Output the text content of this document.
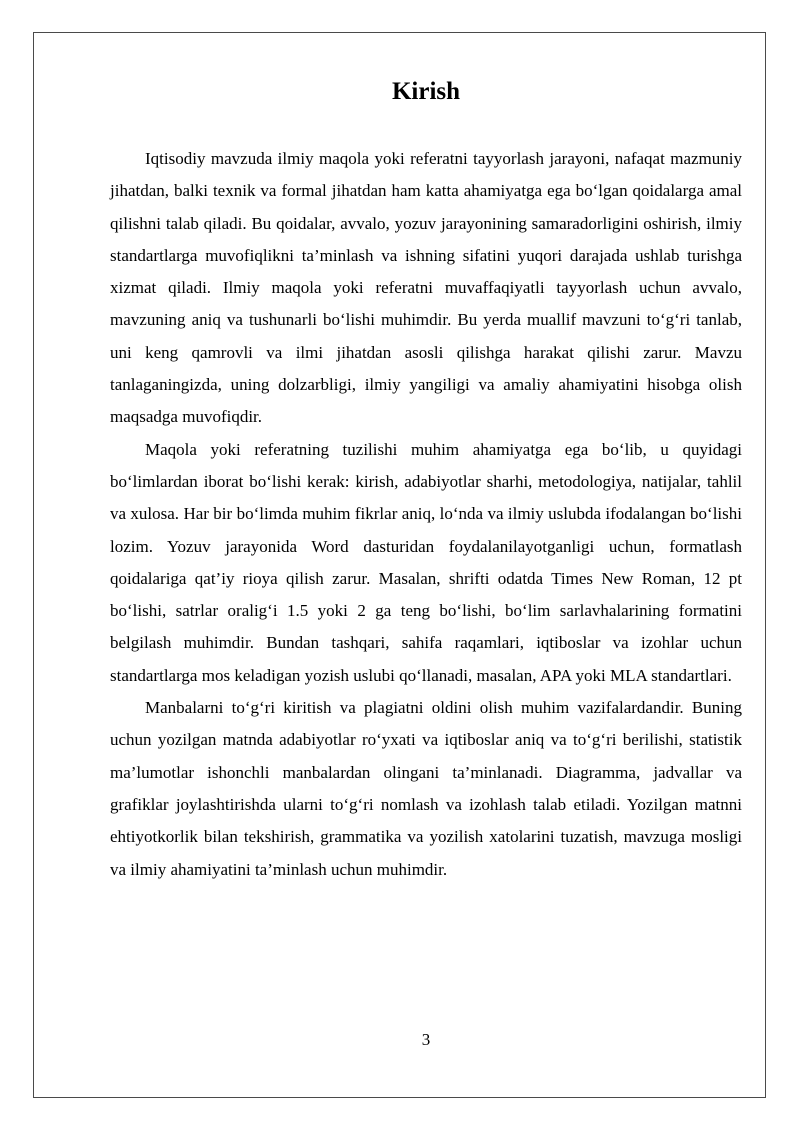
Kirish

Iqtisodiy mavzuda ilmiy maqola yoki referatni tayyorlash jarayoni, nafaqat mazmuniy jihatdan, balki texnik va formal jihatdan ham katta ahamiyatga ega bo‘lgan qoidalarga amal qilishni talab qiladi. Bu qoidalar, avvalo, yozuv jarayonining samaradorligini oshirish, ilmiy standartlarga muvofiqlikni ta’minlash va ishning sifatini yuqori darajada ushlab turishga xizmat qiladi. Ilmiy maqola yoki referatni muvaffaqiyatli tayyorlash uchun avvalo, mavzuning aniq va tushunarli bo‘lishi muhimdir. Bu yerda muallif mavzuni to‘g‘ri tanlab, uni keng qamrovli va ilmi jihatdan asosli qilishga harakat qilishi zarur. Mavzu tanlaganingizda, uning dolzarbligi, ilmiy yangiligi va amaliy ahamiyatini hisobga olish maqsadga muvofiqdir.

Maqola yoki referatning tuzilishi muhim ahamiyatga ega bo‘lib, u quyidagi bo‘limlardan iborat bo‘lishi kerak: kirish, adabiyotlar sharhi, metodologiya, natijalar, tahlil va xulosa. Har bir bo‘limda muhim fikrlar aniq, lo‘nda va ilmiy uslubda ifodalangan bo‘lishi lozim. Yozuv jarayonida Word dasturidan foydalanilayotganligi uchun, formatlash qoidalariga qat’iy rioya qilish zarur. Masalan, shrifti odatda Times New Roman, 12 pt bo‘lishi, satrlar oralig‘i 1.5 yoki 2 ga teng bo‘lishi, bo‘lim sarlavhalarining formatini belgilash muhimdir. Bundan tashqari, sahifa raqamlari, iqtiboslar va izohlar uchun standartlarga mos keladigan yozish uslubi qo‘llanadi, masalan, APA yoki MLA standartlari.

Manbalarni to‘g‘ri kiritish va plagiatni oldini olish muhim vazifalardandir. Buning uchun yozilgan matnda adabiyotlar ro‘yxati va iqtiboslar aniq va to‘g‘ri berilishi, statistik ma’lumotlar ishonchli manbalardan olingani ta’minlanadi. Diagramma, jadvallar va grafiklar joylashtirishda ularni to‘g‘ri nomlash va izohlash talab etiladi. Yozilgan matnni ehtiyotkorlik bilan tekshirish, grammatika va yozilish xatolarini tuzatish, mavzuga mosligi va ilmiy ahamiyatini ta’minlash uchun muhimdir.

3
